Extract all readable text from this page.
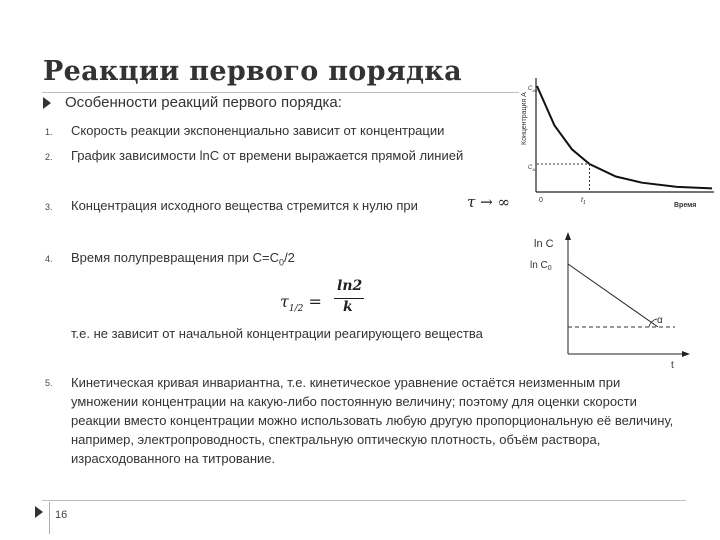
Реакции первого порядка
Особенности реакций первого порядка:
1. Скорость реакции экспоненциально зависит от концентрации
2. График зависимости lnC от времени выражается прямой линией
3. Концентрация исходного вещества стремится к нулю при	τ → ∞
4. Время полупревращения при $С=С_0/2$
$\tau_{1/2}$ =
ln2
k
т.е. не зависит от начальной концентрации реагирующего вещества
5. Кинетическая кривая инвариантна, т.е. кинетическое уравнение остаётся неизменным при умножении концентрации на какую-либо постоянную величину; поэтому для оценки скорости реакции вместо концентрации можно использовать любую другую пропорциональную её величину, например, электропроводность, спектральную оптическую плотность, объём раствора, израсходованного на титрование.
Концентрация A
$C_{A0}$
$C_{A1}$
0	$t_1$	Время
ln C
$\ln C_0$
α
t
16
